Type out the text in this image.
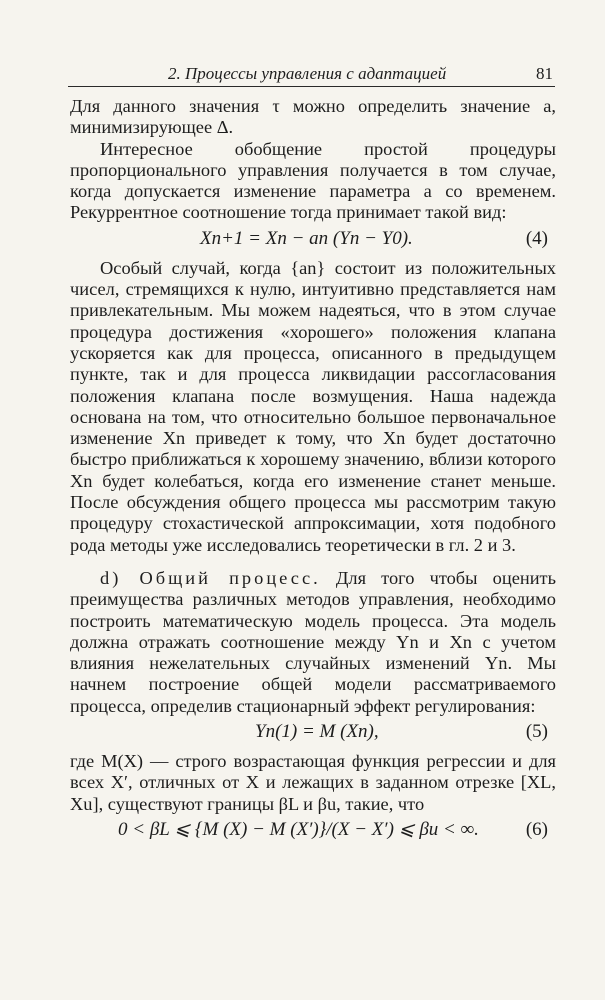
2. Процессы управления с адаптацией	81

Для данного значения τ можно определить значение a, минимизирующее Δ.

Интересное обобщение простой процедуры пропорционального управления получается в том случае, когда допускается изменение параметра a со временем. Рекуррентное соотношение тогда принимает такой вид:

Xn+1 = Xn − an (Yn − Y0).	(4)

Особый случай, когда {an} состоит из положительных чисел, стремящихся к нулю, интуитивно представляется нам привлекательным. Мы можем надеяться, что в этом случае процедура достижения «хорошего» положения клапана ускоряется как для процесса, описанного в предыдущем пункте, так и для процесса ликвидации рассогласования положения клапана после возмущения. Наша надежда основана на том, что относительно большое первоначальное изменение Xn приведет к тому, что Xn будет достаточно быстро приближаться к хорошему значению, вблизи которого Xn будет колебаться, когда его изменение станет меньше. После обсуждения общего процесса мы рассмотрим такую процедуру стохастической аппроксимации, хотя подобного рода методы уже исследовались теоретически в гл. 2 и 3.

d) Общий процесс. Для того чтобы оценить преимущества различных методов управления, необходимо построить математическую модель процесса. Эта модель должна отражать соотношение между Yn и Xn с учетом влияния нежелательных случайных изменений Yn. Мы начнем построение общей модели рассматриваемого процесса, определив стационарный эффект регулирования:

Yn(1) = M (Xn),	(5)

где M(X) — строго возрастающая функция регрессии и для всех X′, отличных от X и лежащих в заданном отрезке [XL, Xu], существуют границы βL и βu, такие, что

0 < βL ⩽ {M (X) − M (X′)}/(X − X′) ⩽ βu < ∞. (6)
